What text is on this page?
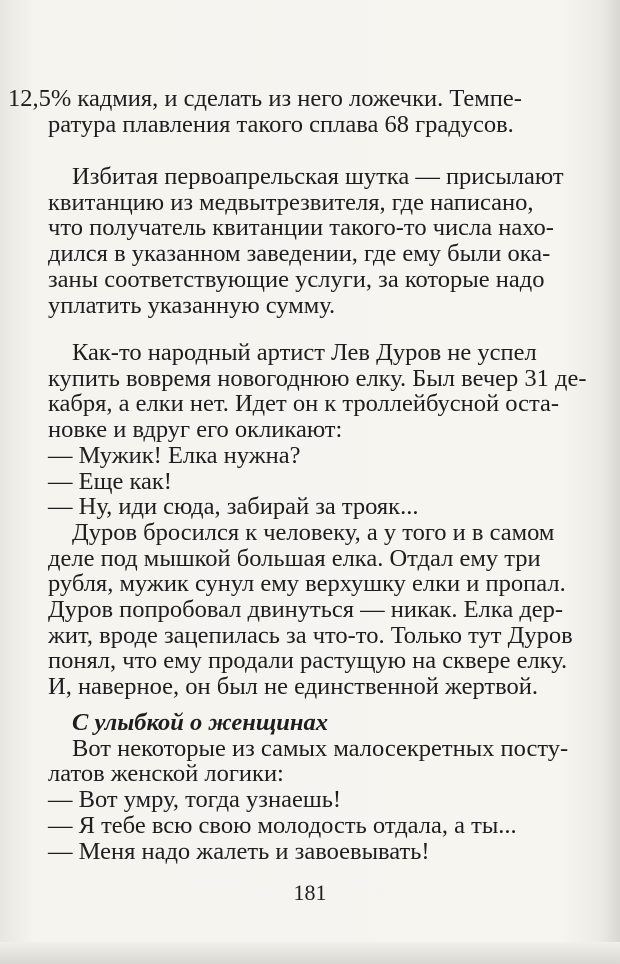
12,5% кадмия, и сделать из него ложечки. Темпе-
ратура плавления такого сплава 68 градусов.
Избитая первоапрельская шутка — присылают
квитанцию из медвытрезвителя, где написано,
что получатель квитанции такого-то числа нахо-
дился в указанном заведении, где ему были ока-
заны соответствующие услуги, за которые надо
уплатить указанную сумму.
Как-то народный артист Лев Дуров не успел
купить вовремя новогоднюю елку. Был вечер 31 де-
кабря, а елки нет. Идет он к троллейбусной оста-
новке и вдруг его окликают:
— Мужик! Елка нужна?
— Еще как!
— Ну, иди сюда, забирай за трояк...
Дуров бросился к человеку, а у того и в самом
деле под мышкой большая елка. Отдал ему три
рубля, мужик сунул ему верхушку елки и пропал.
Дуров попробовал двинуться — никак. Елка дер-
жит, вроде зацепилась за что-то. Только тут Дуров
понял, что ему продали растущую на сквере елку.
И, наверное, он был не единственной жертвой.
С улыбкой о женщинах
Вот некоторые из самых малосекретных посту-
латов женской логики:
— Вот умру, тогда узнаешь!
— Я тебе всю свою молодость отдала, а ты...
— Меня надо жалеть и завоевывать!
181
